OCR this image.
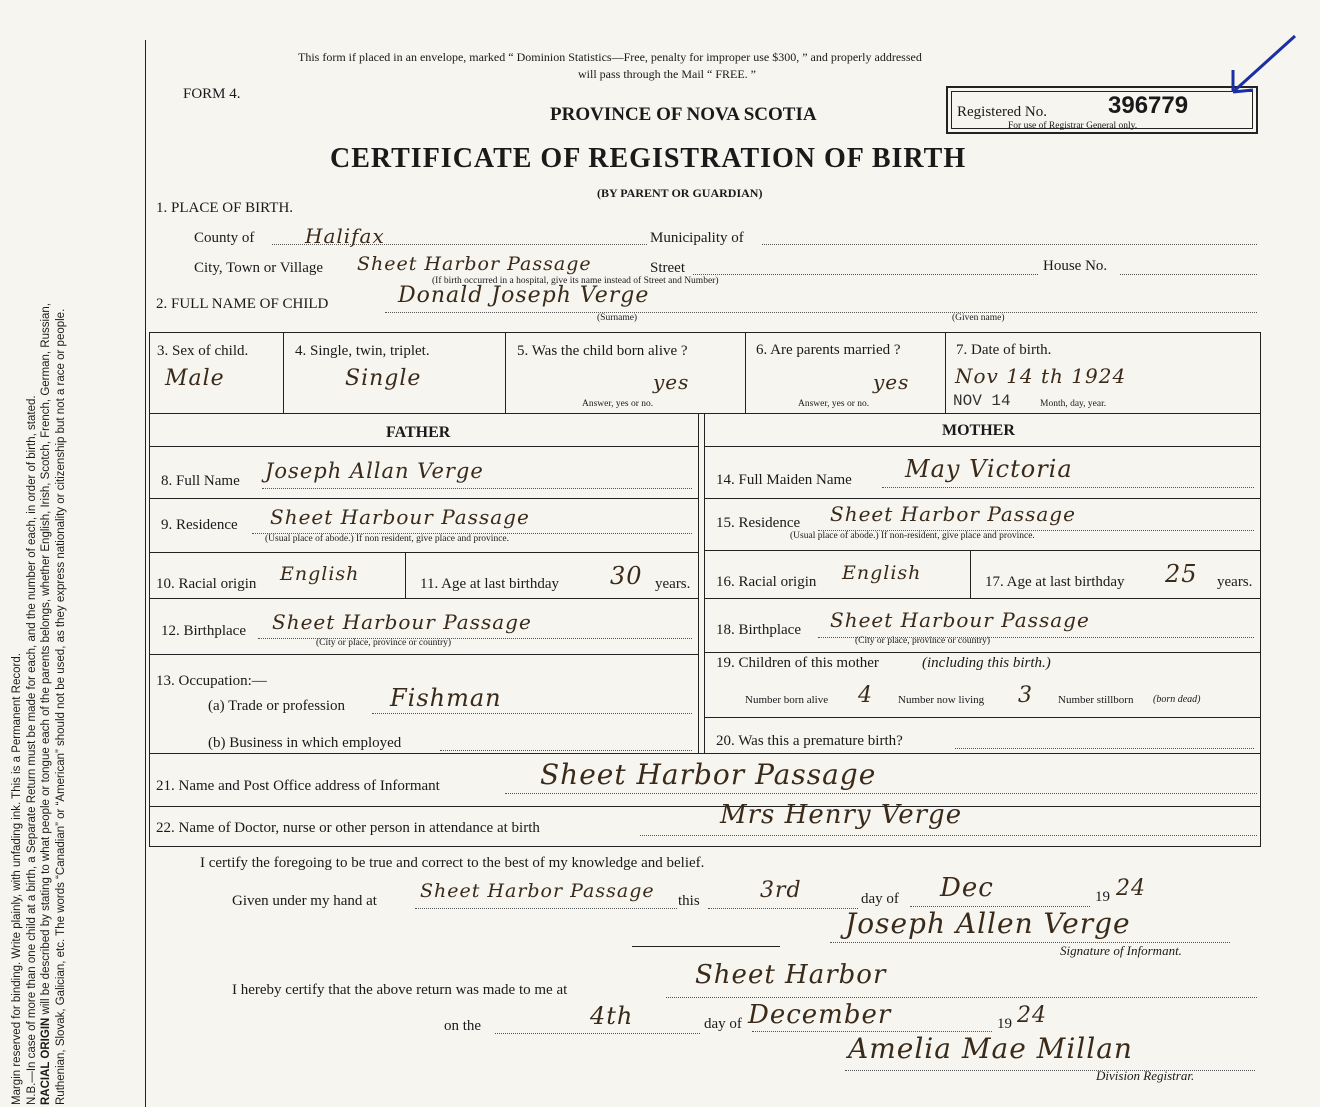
Margin reserved for binding. Write plainly, with unfading ink. This is a Permanent Record. N.B.—In case of more than one child at a birth, a Separate Return must be made for each, and the number of each, in order of birth, stated. RACIAL ORIGIN will be described by stating to what people or tongue each of the parents belongs, whether English, Irish, Scotch, French, German, Russian, Ruthenian, Slovak, Galician, etc. The words “Canadian” or “American” should not be used, as they express nationality or citizenship but not a race or people.
This form if placed in an envelope, marked “ Dominion Statistics—Free, penalty for improper use $300, ” and properly addressed
will pass through the Mail “ FREE. ”
FORM 4.
PROVINCE OF NOVA SCOTIA
CERTIFICATE OF REGISTRATION OF BIRTH
(BY PARENT OR GUARDIAN)
Registered No.	396779
For use of Registrar General only.
1. PLACE OF BIRTH.
County of	Halifax	Municipality of
City, Town or Village Sheet Harbor Passage	Street	House No.
(If birth occurred in a hospital, give its name instead of Street and Number)
2. FULL NAME OF CHILD	Donald Joseph Verge
(Surname)	(Given name)
3. Sex of child.
Male
4. Single, twin, triplet.
Single
5. Was the child born alive ?
yes
Answer, yes or no.
6. Are parents married ?
yes
Answer, yes or no.
7. Date of birth.
Nov 14 th 1924
NOV 14	Month, day, year.
FATHER	MOTHER
8. Full Name Joseph Allan Verge
9. Residence Sheet Harbour Passage
(Usual place of abode.) If non resident, give place and province.
10. Racial origin English	11. Age at last birthday 30 years.
12. Birthplace Sheet Harbour Passage
(City or place, province or country)
13. Occupation:—
(a) Trade or profession Fishman
(b) Business in which employed
14. Full Maiden Name May Victoria
15. Residence Sheet Harbor Passage
(Usual place of abode.) If non-resident, give place and province.
16. Racial origin English	17. Age at last birthday 25 years.
18. Birthplace Sheet Harbour Passage
(City or place, province or country)
19. Children of this mother	(including this birth.)
Number born alive 4 Number now living 3 Number stillborn (born dead)
20. Was this a premature birth?
21. Name and Post Office address of Informant	Sheet Harbor Passage
22. Name of Doctor, nurse or other person in attendance at birth	Mrs Henry Verge
I certify the foregoing to be true and correct to the best of my knowledge and belief.
Given under my hand at Sheet Harbor Passage this	3rd	day of Dec	19 24
Joseph Allen Verge
Signature of Informant.
I hereby certify that the above return was made to me at	Sheet Harbor
on the	4th	day of December	19 24
Amelia Mae Millan
Division Registrar.
